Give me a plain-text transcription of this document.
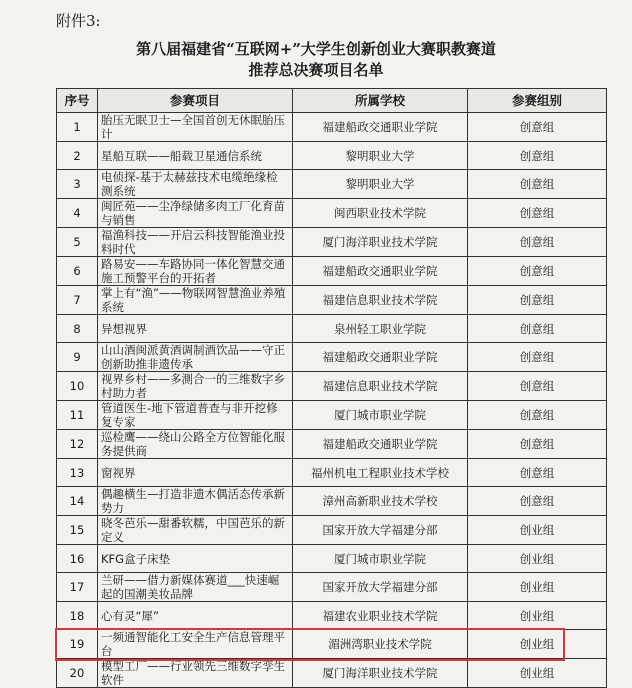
附件3:
第八届福建省“互联网+”大学生创新创业大赛职教赛道
推荐总决赛项目名单
序号	参赛项目	所属学校	参赛组别
1	胎压无眠卫士—全国首创无休眠胎压计	福建船政交通职业学院	创意组
2	星船互联——船载卫星通信系统	黎明职业大学	创意组
3	电侦探-基于太赫兹技术电缆绝缘检测系统	黎明职业大学	创意组
4	闽匠苑——尘净绿储多肉工厂化育苗与销售	闽西职业技术学院	创意组
5	福渔科技——开启云科技智能渔业投料时代	厦门海洋职业技术学院	创意组
6	路易安——车路协同一体化智慧交通施工预警平台的开拓者	福建船政交通职业学院	创意组
7	掌上有“渔”——物联网智慧渔业养殖系统	福建信息职业技术学院	创意组
8	异想视界	泉州轻工职业学院	创意组
9	山山酒闽派黄酒调制酒饮品——守正创新助推非遗传承	福建船政交通职业学院	创意组
10	视界乡村——多測合一的三维数字乡村助力者	福建信息职业技术学院	创意组
11	管道医生-地下管道普查与非开挖修复专家	厦门城市职业学院	创意组
12	巡检鹰——绕山公路全方位智能化服务提供商	福建船政交通职业学院	创意组
13	窗视界	福州机电工程职业技术学校	创意组
14	偶趣横生—打造非遗木偶活态传承新势力	漳州高新职业技术学校	创意组
15	晓冬芭乐—甜番软糯，中国芭乐的新定义	国家开放大学福建分部	创业组
16	KFG盒子床垫	厦门城市职业学院	创业组
17	兰研——借力新媒体赛道___快速崛起的国潮美妆品牌	国家开放大学福建分部	创业组
18	心有灵“犀”	福建农业职业技术学院	创业组
19	一频通智能化工安全生产信息管理平台	湄洲湾职业技术学院	创业组
20	模型工厂——行业领先三维数字孪生软件	厦门海洋职业技术学院	创业组
